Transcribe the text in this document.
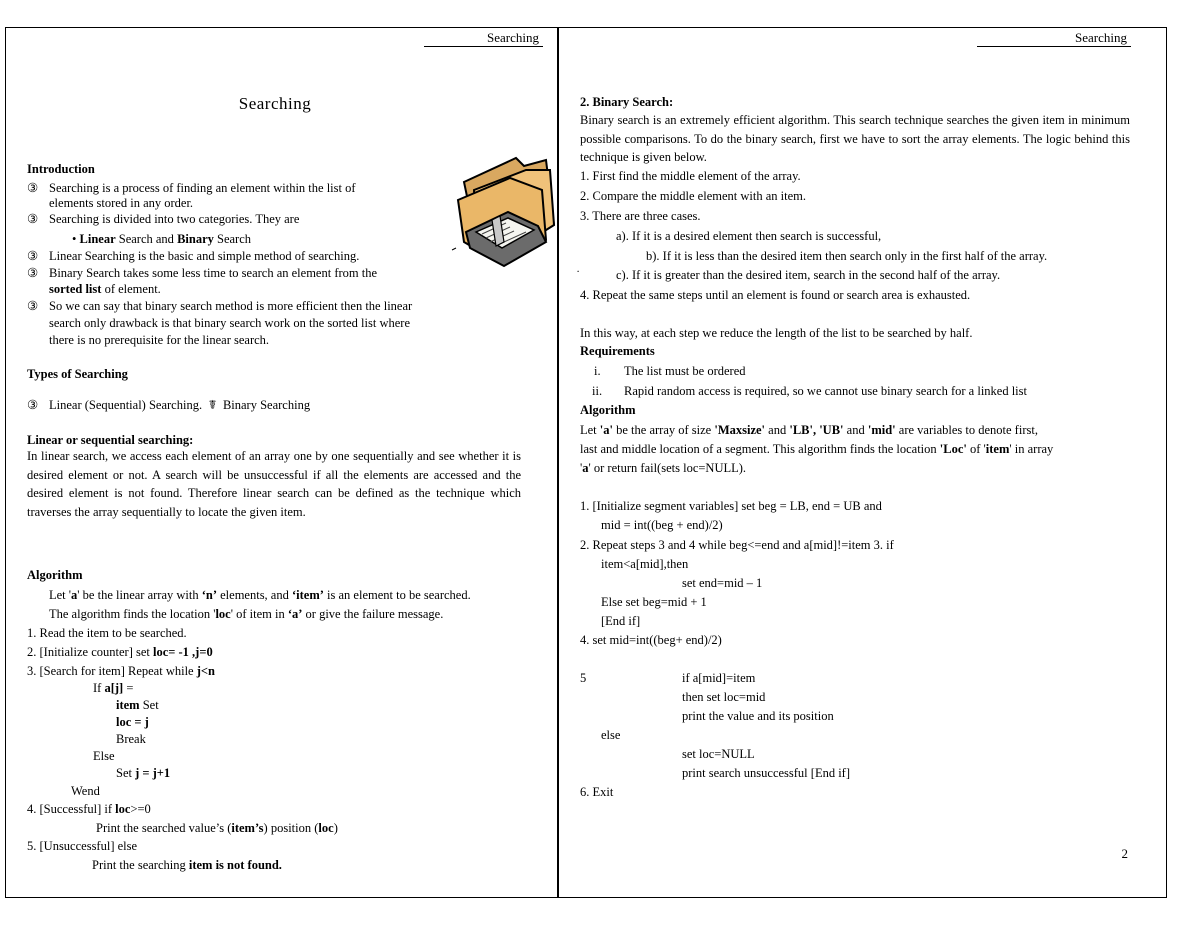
Searching
Searching
Introduction
③ Searching is a process of finding an element within the list of
elements stored in any order.
③ Searching is divided into two categories. They are
• Linear Search and Binary Search
③ Linear Searching is the basic and simple method of searching.
③ Binary Search takes some less time to search an element from the
sorted list of element.
③ So we can say that binary search method is more efficient then the linear
search only drawback is that binary search work on the sorted list where
there is no prerequisite for the linear search.
Types of Searching
③ Linear (Sequential) Searching. ☤ Binary Searching
Linear or sequential searching:
In linear search, we access each element of an array one by one sequentially and see whether it is desired element or not. A search will be unsuccessful if all the elements are accessed and the desired element is not found. Therefore linear search can be defined as the technique which traverses the array sequentially to locate the given item.
Algorithm
Let 'a' be the linear array with ‘n’ elements, and ‘item’ is an element to be searched.
The algorithm finds the location 'loc' of item in ‘a’ or give the failure message.
1. Read the item to be searched.
2. [Initialize counter] set loc= -1 ,j=0
3. [Search for item] Repeat while j<n
If a[j] =
item Set
loc = j
Break
Else
Set j = j+1
Wend
4. [Successful] if loc>=0
Print the searched value’s (item’s) position (loc)
5. [Unsuccessful] else
Print the searching item is not found.
Searching
2. Binary Search:
Binary search is an extremely efficient algorithm. This search technique searches the given item in minimum possible comparisons. To do the binary search, first we have to sort the array elements. The logic behind this technique is given below.
1. First find the middle element of the array.
2. Compare the middle element with an item.
3. There are three cases.
a). If it is a desired element then search is successful,
b). If it is less than the desired item then search only in the first half of the array.
˙	c). If it is greater than the desired item, search in the second half of the array.
4. Repeat the same steps until an element is found or search area is exhausted.
In this way, at each step we reduce the length of the list to be searched by half.
Requirements
i. The list must be ordered
ii. Rapid random access is required, so we cannot use binary search for a linked list
Algorithm
Let 'a' be the array of size 'Maxsize' and 'LB', 'UB' and 'mid' are variables to denote first,
last and middle location of a segment. This algorithm finds the location 'Loc' of 'item' in array
'a' or return fail(sets loc=NULL).
1. [Initialize segment variables] set beg = LB, end = UB and
mid = int((beg + end)/2)
2. Repeat steps 3 and 4 while beg<=end and a[mid]!=item 3. if
item<a[mid],then
set end=mid – 1
Else set beg=mid + 1
[End if]
4. set mid=int((beg+ end)/2)
5	if a[mid]=item
then set loc=mid
print the value and its position
else
set loc=NULL
print search unsuccessful [End if]
6. Exit
2
